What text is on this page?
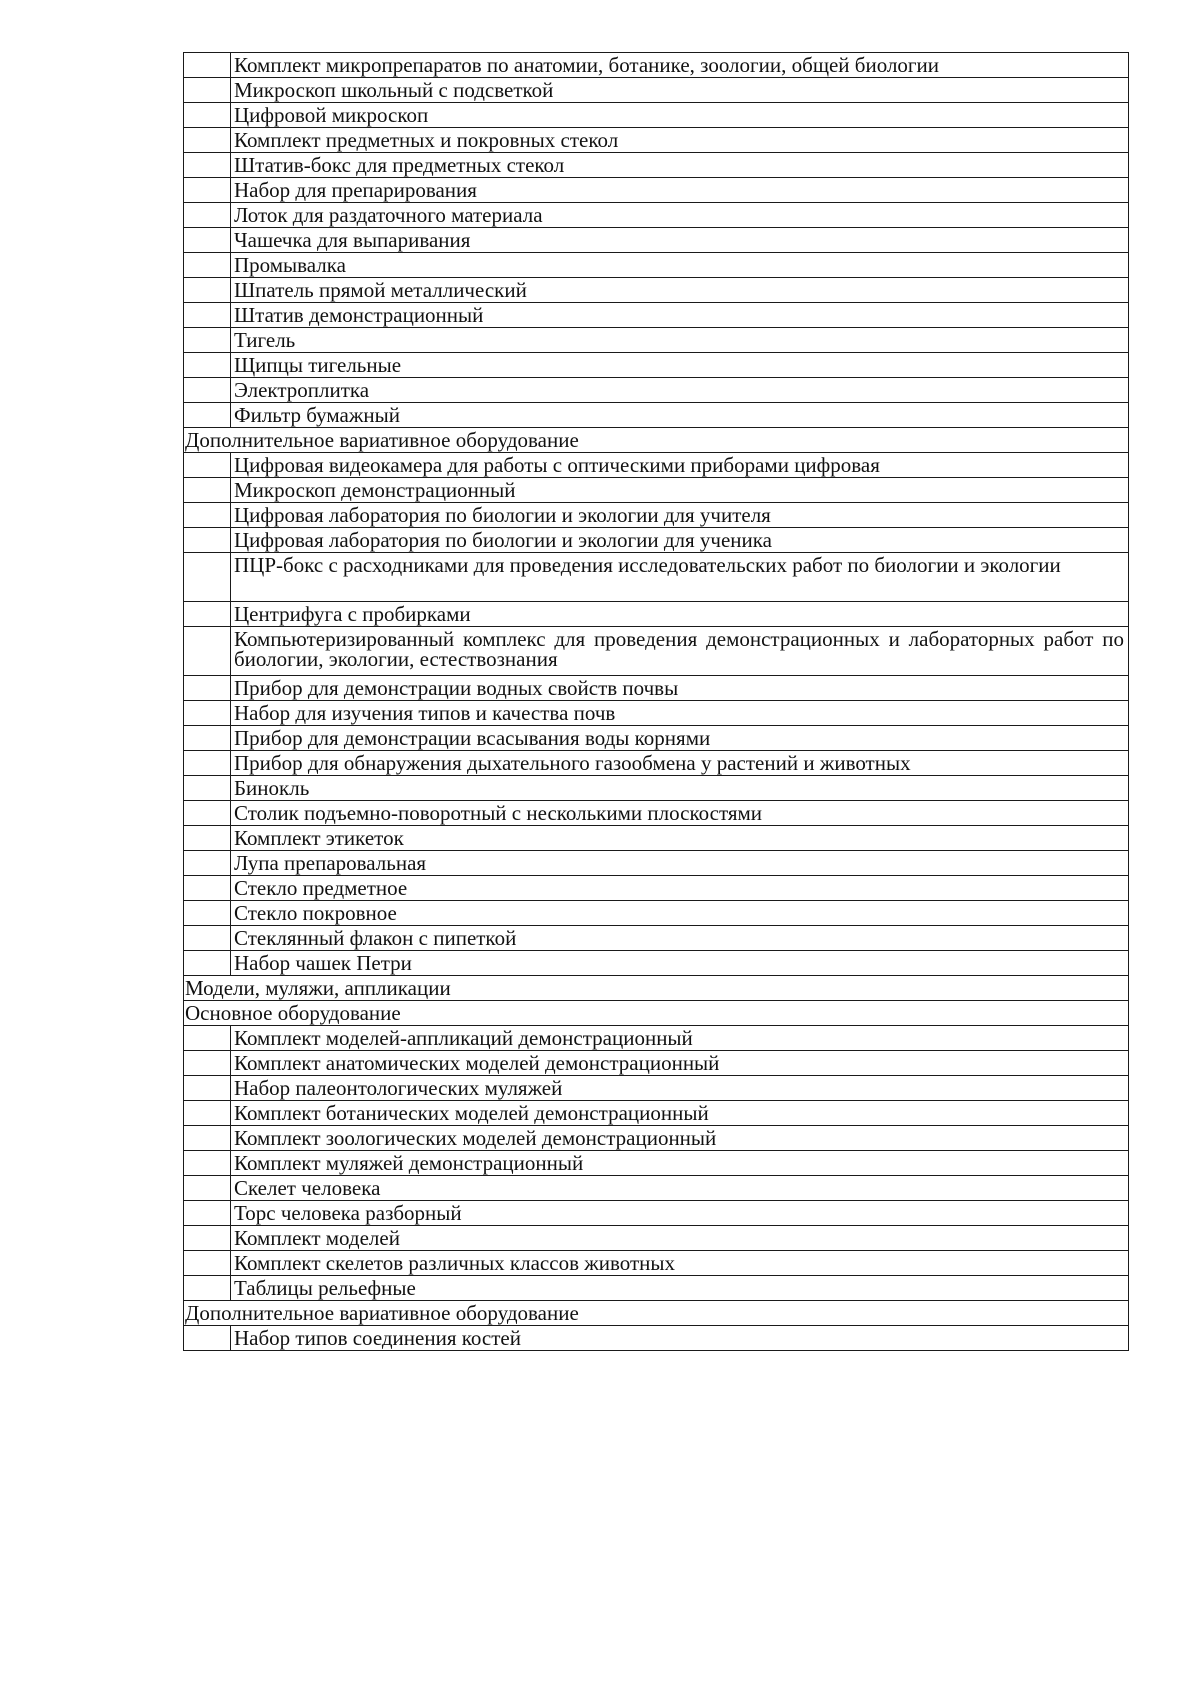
	Комплект микропрепаратов по анатомии, ботанике, зоологии, общей биологии
	Микроскоп школьный с подсветкой
	Цифровой микроскоп
	Комплект предметных и покровных стекол
	Штатив-бокс для предметных стекол
	Набор для препарирования
	Лоток для раздаточного материала
	Чашечка для выпаривания
	Промывалка
	Шпатель прямой металлический
	Штатив демонстрационный
	Тигель
	Щипцы тигельные
	Электроплитка
	Фильтр бумажный
Дополнительное вариативное оборудование	
	Цифровая видеокамера для работы с оптическими приборами цифровая
	Микроскоп демонстрационный
	Цифровая лаборатория по биологии и экологии для учителя
	Цифровая лаборатория по биологии и экологии для ученика
	ПЦР-бокс с расходниками для проведения исследовательских работ по биологии и экологии
	Центрифуга с пробирками
	Компьютеризированный комплекс для проведения демонстрационных и лабораторных работ по биологии, экологии, естествознания
	Прибор для демонстрации водных свойств почвы
	Набор для изучения типов и качества почв
	Прибор для демонстрации всасывания воды корнями
	Прибор для обнаружения дыхательного газообмена у растений и животных
	Бинокль
	Столик подъемно-поворотный с несколькими плоскостями
	Комплект этикеток
	Лупа препаровальная
	Стекло предметное
	Стекло покровное
	Стеклянный флакон с пипеткой
	Набор чашек Петри
Модели, муляжи, аппликации	
Основное оборудование	
	Комплект моделей-аппликаций демонстрационный
	Комплект анатомических моделей демонстрационный
	Набор палеонтологических муляжей
	Комплект ботанических моделей демонстрационный
	Комплект зоологических моделей демонстрационный
	Комплект муляжей демонстрационный
	Скелет человека
	Торс человека разборный
	Комплект моделей
	Комплект скелетов различных классов животных
	Таблицы рельефные
Дополнительное вариативное оборудование	
	Набор типов соединения костей
